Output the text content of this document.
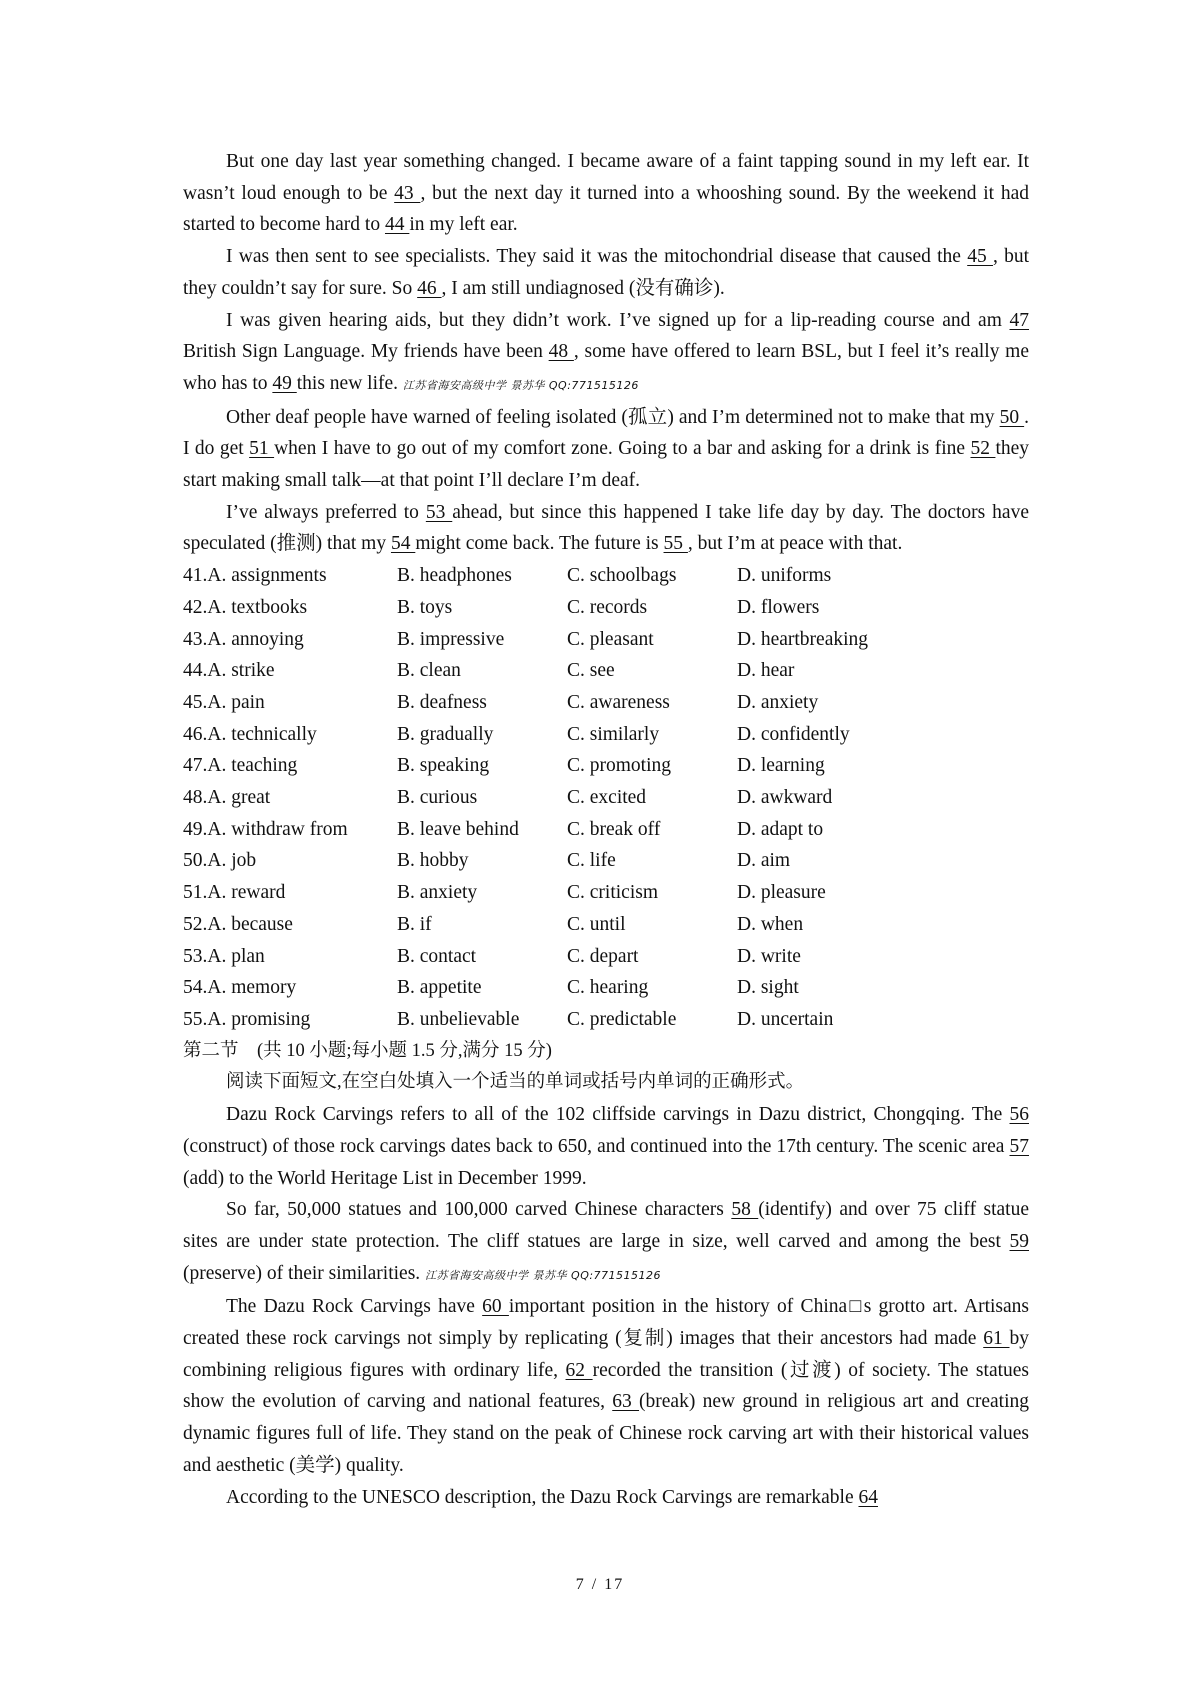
But one day last year something changed. I became aware of a faint tapping sound in my left ear. It wasn’t loud enough to be 43 , but the next day it turned into a whooshing sound. By the weekend it had started to become hard to 44 in my left ear.

I was then sent to see specialists. They said it was the mitochondrial disease that caused the 45 , but they couldn’t say for sure. So 46 , I am still undiagnosed (没有确诊).

I was given hearing aids, but they didn’t work. I’ve signed up for a lip-reading course and am 47 British Sign Language. My friends have been 48 , some have offered to learn BSL, but I feel it’s really me who has to 49 this new life. 江苏省海安高级中学 景苏华 QQ:771515126

Other deaf people have warned of feeling isolated (孤立) and I’m determined not to make that my 50 . I do get 51 when I have to go out of my comfort zone. Going to a bar and asking for a drink is fine 52 they start making small talk—at that point I’ll declare I’m deaf.

I’ve always preferred to 53 ahead, but since this happened I take life day by day. The doctors have speculated (推测) that my 54 might come back. The future is 55 , but I’m at peace with that.

41.A. assignments	B. headphones	C. schoolbags	D. uniforms
42.A. textbooks	B. toys	C. records	D. flowers
43.A. annoying	B. impressive	C. pleasant	D. heartbreaking
44.A. strike	B. clean	C. see	D. hear
45.A. pain	B. deafness	C. awareness	D. anxiety
46.A. technically	B. gradually	C. similarly	D. confidently
47.A. teaching	B. speaking	C. promoting	D. learning
48.A. great	B. curious	C. excited	D. awkward
49.A. withdraw from	B. leave behind	C. break off	D. adapt to
50.A. job	B. hobby	C. life	D. aim
51.A. reward	B. anxiety	C. criticism	D. pleasure
52.A. because	B. if	C. until	D. when
53.A. plan	B. contact	C. depart	D. write
54.A. memory	B. appetite	C. hearing	D. sight
55.A. promising	B. unbelievable	C. predictable	D. uncertain

第二节　(共 10 小题;每小题 1.5 分,满分 15 分)

阅读下面短文,在空白处填入一个适当的单词或括号内单词的正确形式。

Dazu Rock Carvings refers to all of the 102 cliffside carvings in Dazu district, Chongqing. The 56 (construct) of those rock carvings dates back to 650, and continued into the 17th century. The scenic area 57 (add) to the World Heritage List in December 1999.

So far, 50,000 statues and 100,000 carved Chinese characters 58 (identify) and over 75 cliff statue sites are under state protection. The cliff statues are large in size, well carved and among the best 59 (preserve) of their similarities. 江苏省海安高级中学 景苏华 QQ:771515126

The Dazu Rock Carvings have 60 important position in the history of China□s grotto art. Artisans created these rock carvings not simply by replicating (复制) images that their ancestors had made 61 by combining religious figures with ordinary life, 62 recorded the transition (过渡) of society. The statues show the evolution of carving and national features, 63 (break) new ground in religious art and creating dynamic figures full of life. They stand on the peak of Chinese rock carving art with their historical values and aesthetic (美学) quality.

According to the UNESCO description, the Dazu Rock Carvings are remarkable 64

7 / 17
